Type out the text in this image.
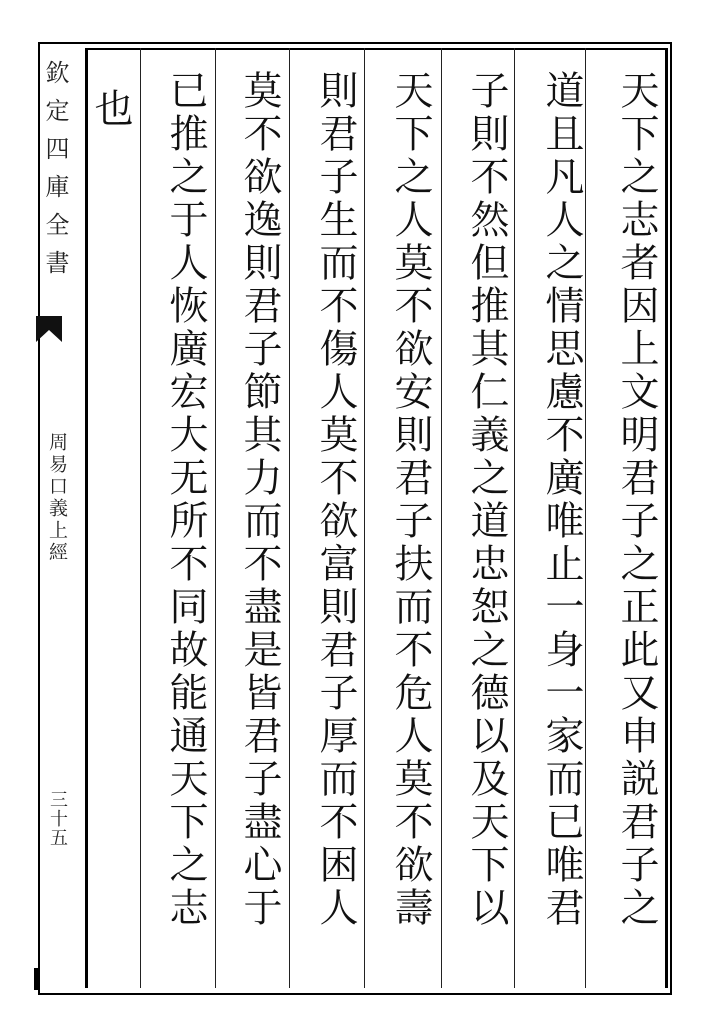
天下之志者因上文明君子之正此又申説君子之
道且凡人之情思慮不廣唯止一身一家而已唯君
子則不然但推其仁義之道忠恕之德以及天下以
天下之人莫不欲安則君子扶而不危人莫不欲壽
則君子生而不傷人莫不欲富則君子厚而不困人
莫不欲逸則君子節其力而不盡是皆君子盡心于
已推之于人恢廣宏大无所不同故能通天下之志
也
欽定四庫全書
周易口義上經
三十五
